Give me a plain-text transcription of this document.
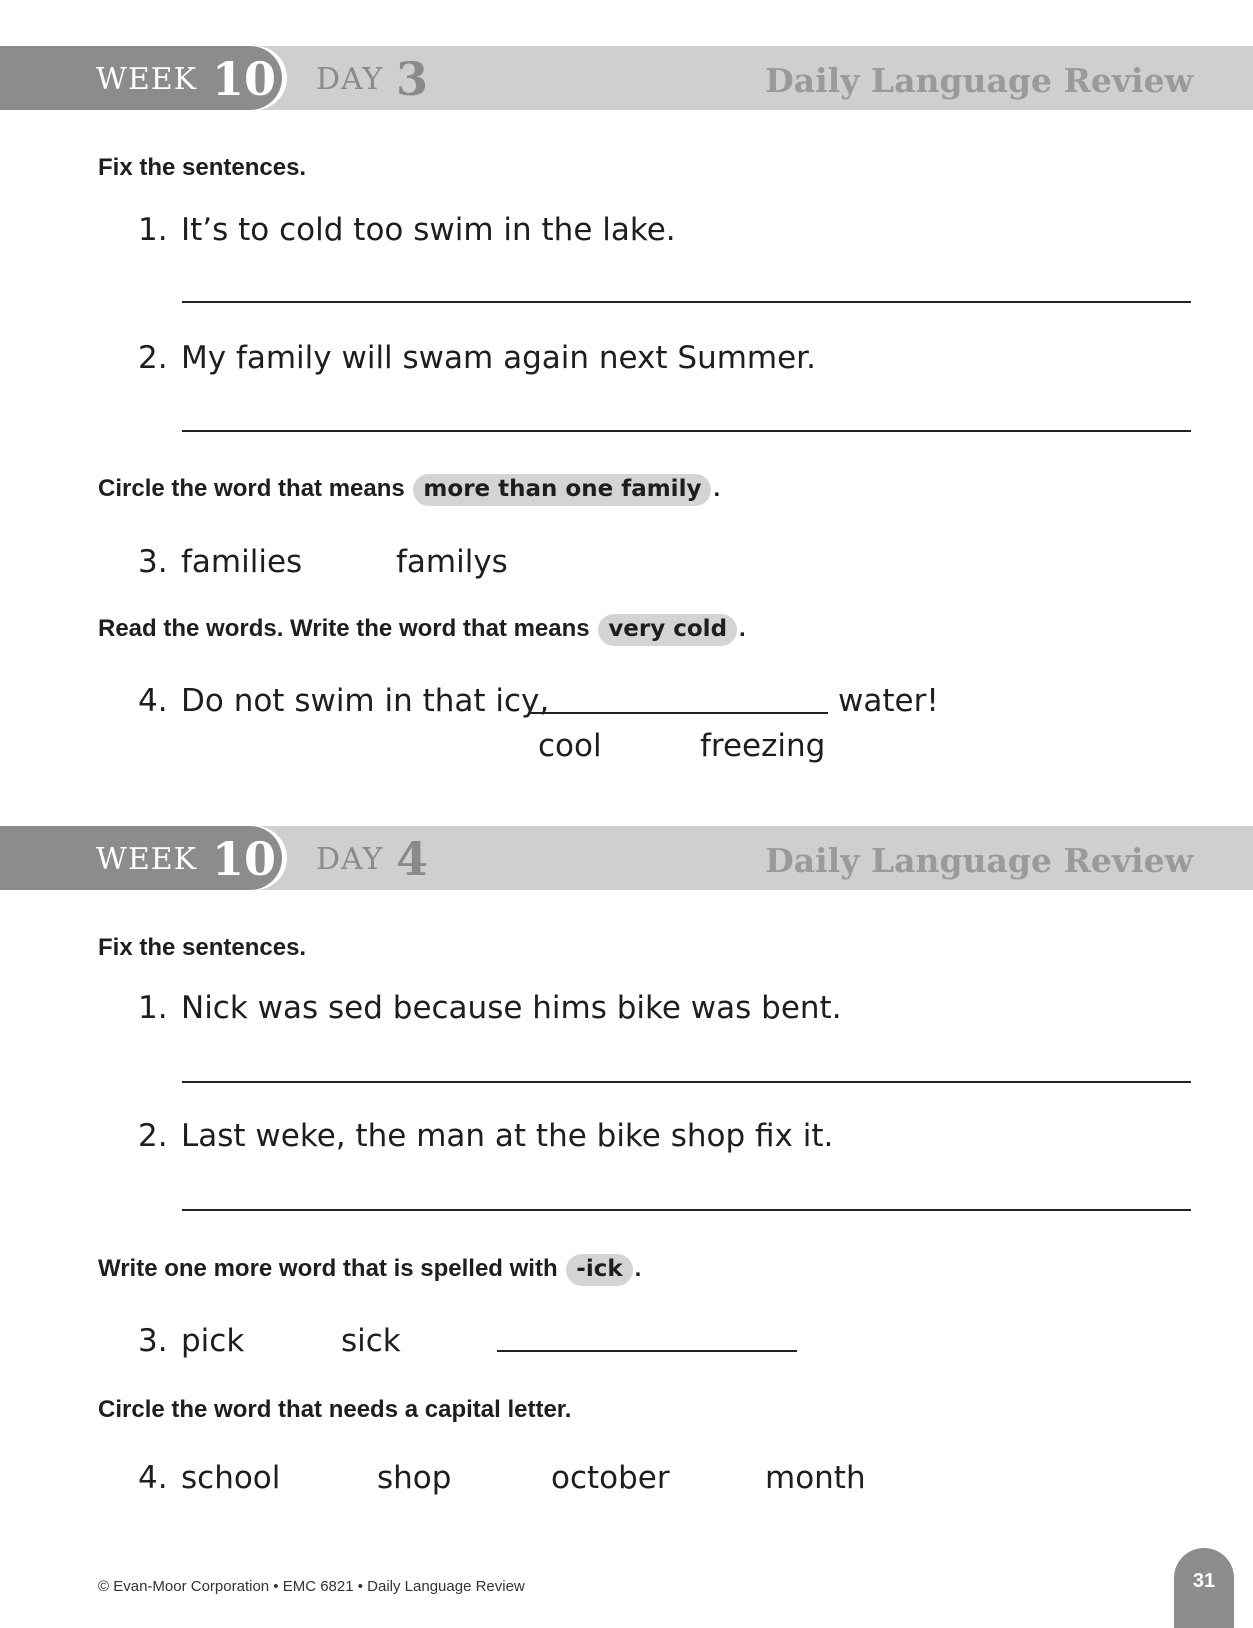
WEEK 10 DAY 3	Daily Language Review
Fix the sentences.
1. It’s to cold too swim in the lake.
2. My family will swam again next Summer.
Circle the word that means more than one family .
3. families	familys
Read the words. Write the word that means very cold .
4. Do not swim in that icy,	water!
cool	freezing
WEEK 10 DAY 4	Daily Language Review
Fix the sentences.
1. Nick was sed because hims bike was bent.
2. Last weke, the man at the bike shop fix it.
Write one more word that is spelled with -ick .
3. pick	sick
Circle the word that needs a capital letter.
4. school	shop	october	month
© Evan-Moor Corporation • EMC 6821 • Daily Language Review	31
